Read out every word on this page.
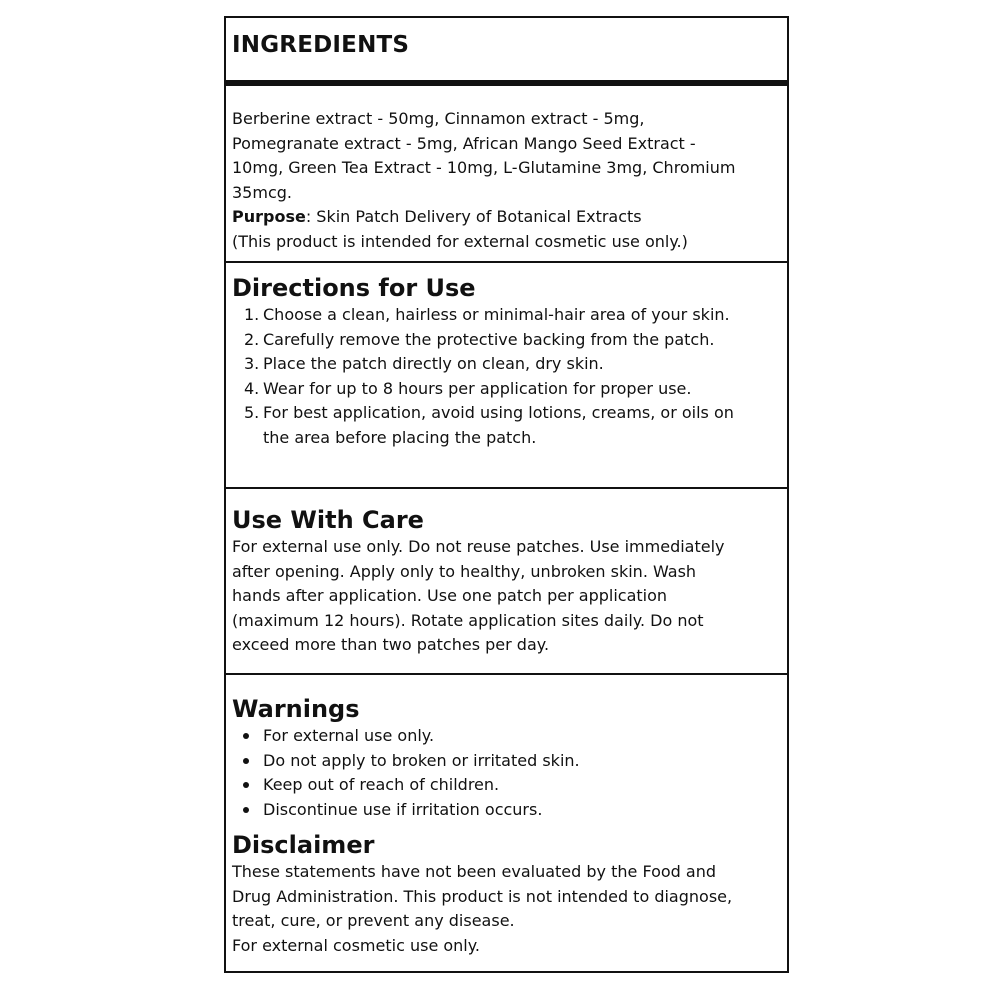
INGREDIENTS

Berberine extract - 50mg, Cinnamon extract - 5mg,

Pomegranate extract - 5mg, African Mango Seed Extract -

10mg, Green Tea Extract - 10mg, L-Glutamine 3mg, Chromium

35mcg.

Purpose: Skin Patch Delivery of Botanical Extracts

(This product is intended for external cosmetic use only.)

Directions for Use
1. Choose a clean, hairless or minimal-hair area of your skin.
2. Carefully remove the protective backing from the patch.
3. Place the patch directly on clean, dry skin.
4. Wear for up to 8 hours per application for proper use.
5. For best application, avoid using lotions, creams, or oils on
the area before placing the patch.
Use With Care

For external use only. Do not reuse patches. Use immediately

after opening. Apply only to healthy, unbroken skin. Wash

hands after application. Use one patch per application

(maximum 12 hours). Rotate application sites daily. Do not

exceed more than two patches per day.

Warnings
For external use only.
Do not apply to broken or irritated skin.
Keep out of reach of children.
Discontinue use if irritation occurs.
Disclaimer

These statements have not been evaluated by the Food and

Drug Administration. This product is not intended to diagnose,

treat, cure, or prevent any disease.

For external cosmetic use only.
